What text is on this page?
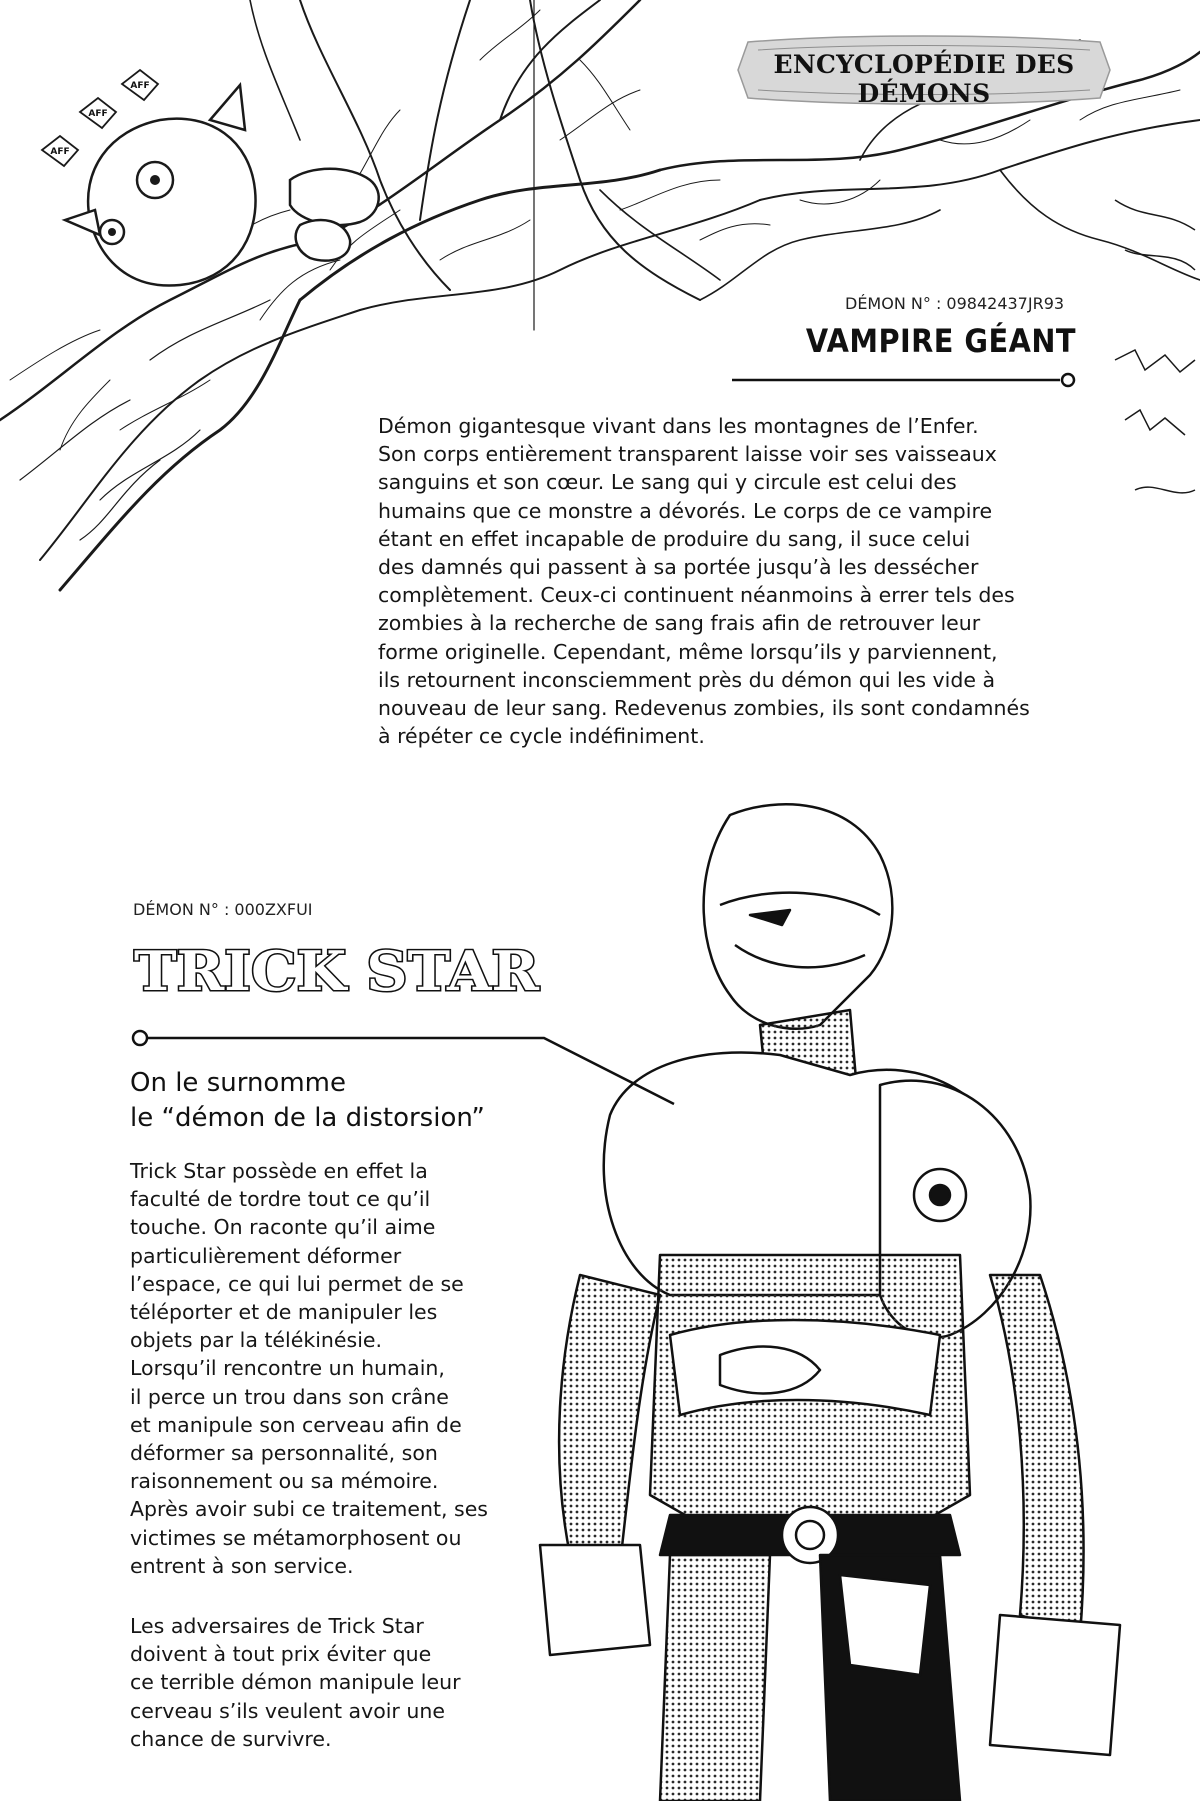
AFF
AFF
AFF
ENCYCLOPÉDIE DES DÉMONS
DÉMON N° : 09842437JR93
VAMPIRE GÉANT

Démon gigantesque vivant dans les montagnes de l’Enfer.
Son corps entièrement transparent laisse voir ses vaisseaux
sanguins et son cœur. Le sang qui y circule est celui des
humains que ce monstre a dévorés. Le corps de ce vampire
étant en effet incapable de produire du sang, il suce celui
des damnés qui passent à sa portée jusqu’à les dessécher
complètement. Ceux-ci continuent néanmoins à errer tels des
zombies à la recherche de sang frais afin de retrouver leur
forme originelle. Cependant, même lorsqu’ils y parviennent,
ils retournent inconsciemment près du démon qui les vide à
nouveau de leur sang. Redevenus zombies, ils sont condamnés
à répéter ce cycle indéfiniment.

DÉMON N° : 000ZXFUI
TRICK STAR

On le surnomme
le “démon de la distorsion”

Trick Star possède en effet la
faculté de tordre tout ce qu’il
touche. On raconte qu’il aime
particulièrement déformer
l’espace, ce qui lui permet de se
téléporter et de manipuler les
objets par la télékinésie.
Lorsqu’il rencontre un humain,
il perce un trou dans son crâne
et manipule son cerveau afin de
déformer sa personnalité, son
raisonnement ou sa mémoire.
Après avoir subi ce traitement, ses
victimes se métamorphosent ou
entrent à son service.

Les adversaires de Trick Star
doivent à tout prix éviter que
ce terrible démon manipule leur
cerveau s’ils veulent avoir une
chance de survivre.
